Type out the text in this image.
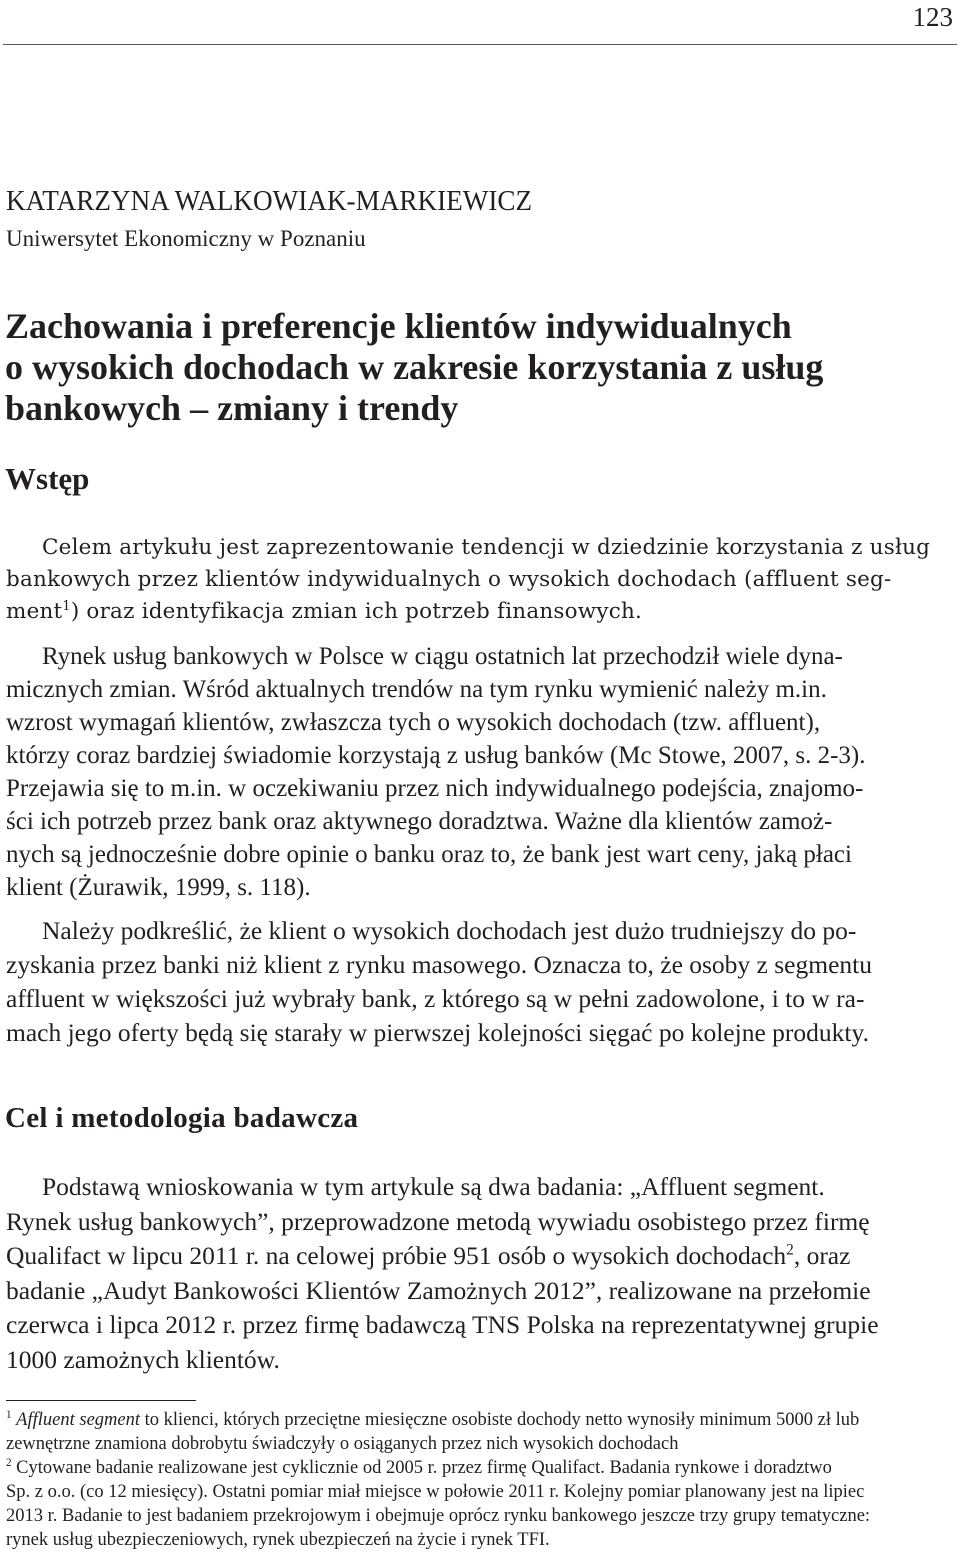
123
KATARZYNA WALKOWIAK-MARKIEWICZ
Uniwersytet Ekonomiczny w Poznaniu
Zachowania i preferencje klientów indywidualnych
o wysokich dochodach w zakresie korzystania z usług
bankowych – zmiany i trendy
Wstęp
Celem artykułu jest zaprezentowanie tendencji w dziedzinie korzystania z usług
bankowych przez klientów indywidualnych o wysokich dochodach (affluent seg-
ment$^1$) oraz identyfikacja zmian ich potrzeb finansowych.
Rynek usług bankowych w Polsce w ciągu ostatnich lat przechodził wiele dyna-
micznych zmian. Wśród aktualnych trendów na tym rynku wymienić należy m.in.
wzrost wymagań klientów, zwłaszcza tych o wysokich dochodach (tzw. affluent),
którzy coraz bardziej świadomie korzystają z usług banków (Mc Stowe, 2007, s. 2-3).
Przejawia się to m.in. w oczekiwaniu przez nich indywidualnego podejścia, znajomo-
ści ich potrzeb przez bank oraz aktywnego doradztwa. Ważne dla klientów zamoż-
nych są jednocześnie dobre opinie o banku oraz to, że bank jest wart ceny, jaką płaci
klient (Żurawik, 1999, s. 118).
Należy podkreślić, że klient o wysokich dochodach jest dużo trudniejszy do po-
zyskania przez banki niż klient z rynku masowego. Oznacza to, że osoby z segmentu
affluent w większości już wybrały bank, z którego są w pełni zadowolone, i to w ra-
mach jego oferty będą się starały w pierwszej kolejności sięgać po kolejne produkty.
Cel i metodologia badawcza
Podstawą wnioskowania w tym artykule są dwa badania: „Affluent segment.
Rynek usług bankowych”, przeprowadzone metodą wywiadu osobistego przez firmę
Qualifact w lipcu 2011 r. na celowej próbie 951 osób o wysokich dochodach$^2$, oraz
badanie „Audyt Bankowości Klientów Zamożnych 2012”, realizowane na przełomie
czerwca i lipca 2012 r. przez firmę badawczą TNS Polska na reprezentatywnej grupie
1000 zamożnych klientów.
$^1$ Affluent segment to klienci, których przeciętne miesięczne osobiste dochody netto wynosiły minimum 5000 zł lub
zewnętrzne znamiona dobrobytu świadczyły o osiąganych przez nich wysokich dochodach
$^2$ Cytowane badanie realizowane jest cyklicznie od 2005 r. przez firmę Qualifact. Badania rynkowe i doradztwo
Sp. z o.o. (co 12 miesięcy). Ostatni pomiar miał miejsce w połowie 2011 r. Kolejny pomiar planowany jest na lipiec
2013 r. Badanie to jest badaniem przekrojowym i obejmuje oprócz rynku bankowego jeszcze trzy grupy tematyczne:
rynek usług ubezpieczeniowych, rynek ubezpieczeń na życie i rynek TFI.
